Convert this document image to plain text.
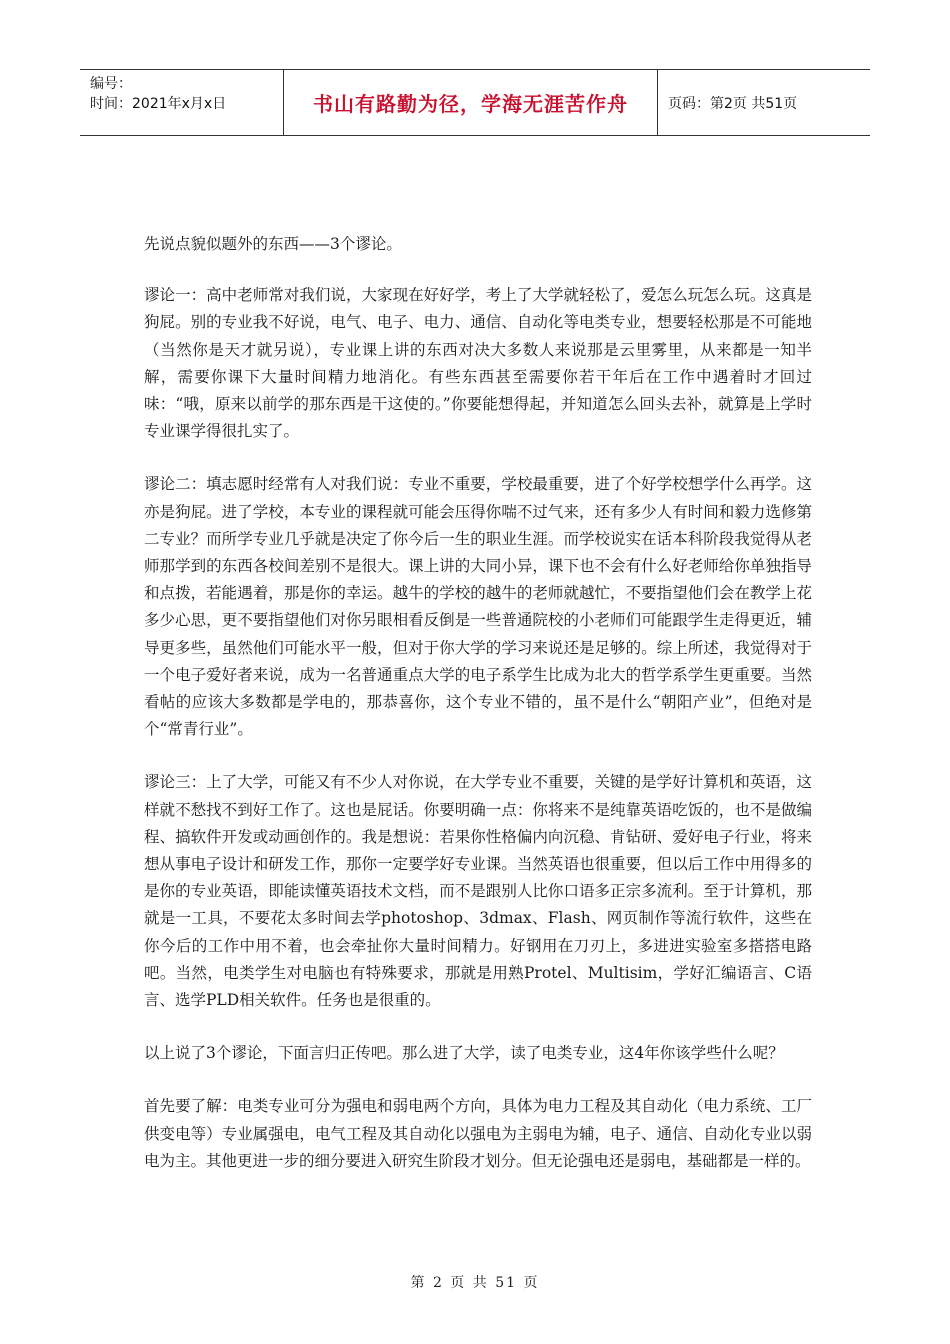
编号：
时间：2021年x月x日	书山有路勤为径，学海无涯苦作舟	页码：第2页 共51页

先说点貌似题外的东西——3个谬论。

谬论一：高中老师常对我们说，大家现在好好学，考上了大学就轻松了，爱怎么玩怎么玩。这真是狗屁。别的专业我不好说，电气、电子、电力、通信、自动化等电类专业，想要轻松那是不可能地（当然你是天才就另说），专业课上讲的东西对决大多数人来说那是云里雾里，从来都是一知半解，需要你课下大量时间精力地消化。有些东西甚至需要你若干年后在工作中遇着时才回过味：“哦，原来以前学的那东西是干这使的。”你要能想得起，并知道怎么回头去补，就算是上学时专业课学得很扎实了。

谬论二：填志愿时经常有人对我们说：专业不重要，学校最重要，进了个好学校想学什么再学。这亦是狗屁。进了学校，本专业的课程就可能会压得你喘不过气来，还有多少人有时间和毅力选修第二专业？而所学专业几乎就是决定了你今后一生的职业生涯。而学校说实在话本科阶段我觉得从老师那学到的东西各校间差别不是很大。课上讲的大同小异，课下也不会有什么好老师给你单独指导和点拨，若能遇着，那是你的幸运。越牛的学校的越牛的老师就越忙，不要指望他们会在教学上花多少心思，更不要指望他们对你另眼相看反倒是一些普通院校的小老师们可能跟学生走得更近，辅导更多些，虽然他们可能水平一般，但对于你大学的学习来说还是足够的。综上所述，我觉得对于一个电子爱好者来说，成为一名普通重点大学的电子系学生比成为北大的哲学系学生更重要。当然看帖的应该大多数都是学电的，那恭喜你，这个专业不错的，虽不是什么“朝阳产业”，但绝对是个“常青行业”。

谬论三：上了大学，可能又有不少人对你说，在大学专业不重要，关键的是学好计算机和英语，这样就不愁找不到好工作了。这也是屁话。你要明确一点：你将来不是纯靠英语吃饭的，也不是做编程、搞软件开发或动画创作的。我是想说：若果你性格偏内向沉稳、肯钻研、爱好电子行业，将来想从事电子设计和研发工作，那你一定要学好专业课。当然英语也很重要，但以后工作中用得多的是你的专业英语，即能读懂英语技术文档，而不是跟别人比你口语多正宗多流利。至于计算机，那就是一工具，不要花太多时间去学photoshop、3dmax、Flash、网页制作等流行软件，这些在你今后的工作中用不着，也会牵扯你大量时间精力。好钢用在刀刃上，多进进实验室多搭搭电路吧。当然，电类学生对电脑也有特殊要求，那就是用熟Protel、Multisim，学好汇编语言、C语言、选学PLD相关软件。任务也是很重的。

以上说了3个谬论，下面言归正传吧。那么进了大学，读了电类专业，这4年你该学些什么呢？

首先要了解：电类专业可分为强电和弱电两个方向，具体为电力工程及其自动化（电力系统、工厂供变电等）专业属强电，电气工程及其自动化以强电为主弱电为辅，电子、通信、自动化专业以弱电为主。其他更进一步的细分要进入研究生阶段才划分。但无论强电还是弱电，基础都是一样的。

第 2 页 共 51 页
